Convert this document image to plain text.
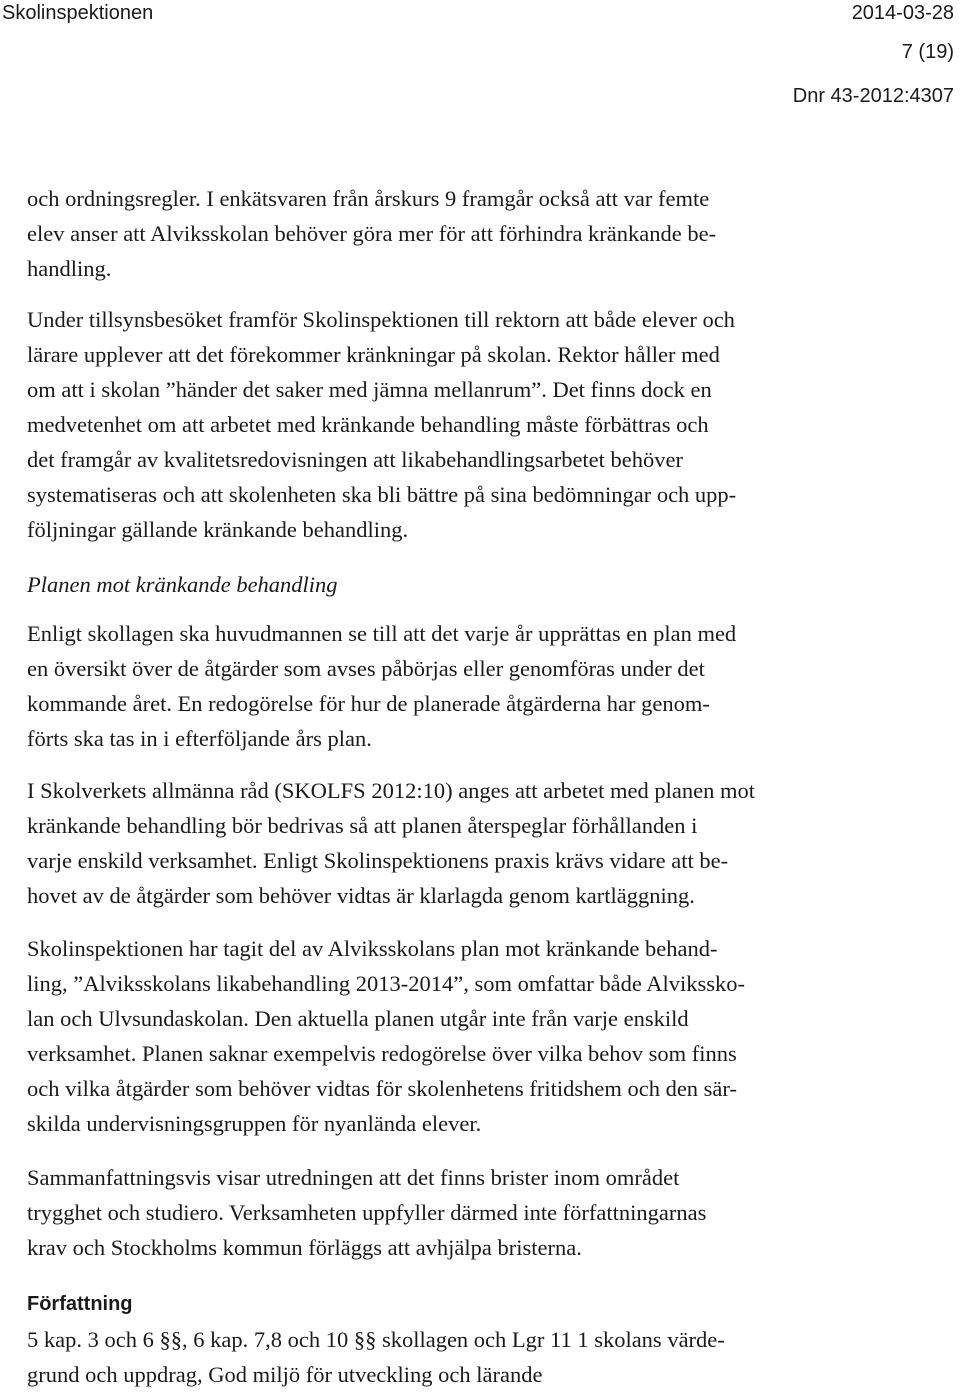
Skolinspektionen	2014-03-28
7 (19)
Dnr 43-2012:4307
och ordningsregler. I enkätsvaren från årskurs 9 framgår också att var femte
elev anser att Alviksskolan behöver göra mer för att förhindra kränkande be-
handling.
Under tillsynsbesöket framför Skolinspektionen till rektorn att både elever och
lärare upplever att det förekommer kränkningar på skolan. Rektor håller med
om att i skolan ”händer det saker med jämna mellanrum”. Det finns dock en
medvetenhet om att arbetet med kränkande behandling måste förbättras och
det framgår av kvalitetsredovisningen att likabehandlingsarbetet behöver
systematiseras och att skolenheten ska bli bättre på sina bedömningar och upp-
följningar gällande kränkande behandling.
Planen mot kränkande behandling
Enligt skollagen ska huvudmannen se till att det varje år upprättas en plan med
en översikt över de åtgärder som avses påbörjas eller genomföras under det
kommande året. En redogörelse för hur de planerade åtgärderna har genom-
förts ska tas in i efterföljande års plan.
I Skolverkets allmänna råd (SKOLFS 2012:10) anges att arbetet med planen mot
kränkande behandling bör bedrivas så att planen återspeglar förhållanden i
varje enskild verksamhet. Enligt Skolinspektionens praxis krävs vidare att be-
hovet av de åtgärder som behöver vidtas är klarlagda genom kartläggning.
Skolinspektionen har tagit del av Alviksskolans plan mot kränkande behand-
ling, ”Alviksskolans likabehandling 2013-2014”, som omfattar både Alviksskо-
lan och Ulvsundaskolan. Den aktuella planen utgår inte från varje enskild
verksamhet. Planen saknar exempelvis redogörelse över vilka behov som finns
och vilka åtgärder som behöver vidtas för skolenhetens fritidshem och den sär-
skilda undervisningsgruppen för nyanlända elever.
Sammanfattningsvis visar utredningen att det finns brister inom området
trygghet och studiero. Verksamheten uppfyller därmed inte författningarnas
krav och Stockholms kommun förläggs att avhjälpa bristerna.
Författning
5 kap. 3 och 6 §§, 6 kap. 7,8 och 10 §§ skollagen och Lgr 11 1 skolans värde-
grund och uppdrag, God miljö för utveckling och lärande
